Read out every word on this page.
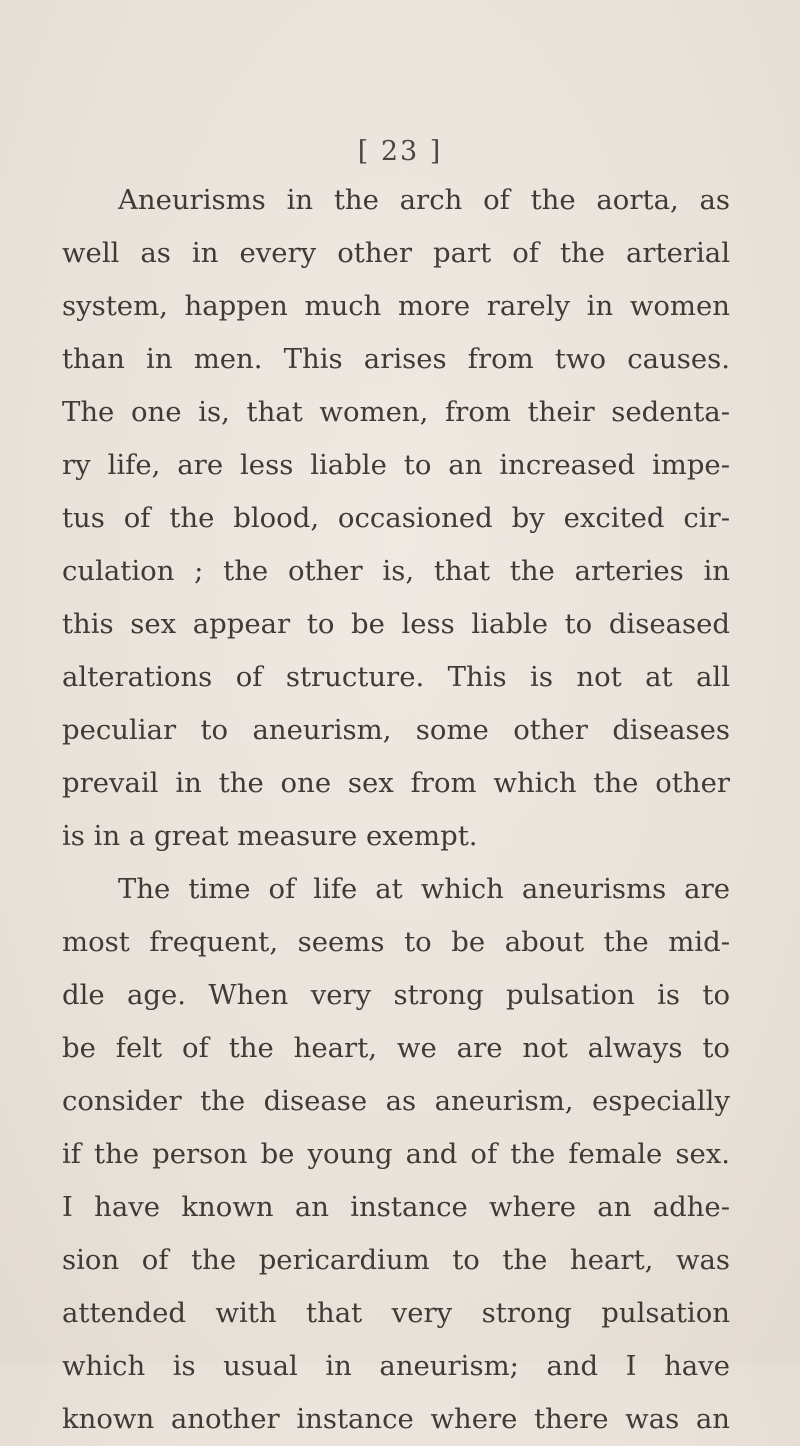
[ 23 ]
Aneurisms in the arch of the aorta, as
well as in every other part of the arterial
system, happen much more rarely in women
than in men. This arises from two causes.
The one is, that women, from their sedenta-
ry life, are less liable to an increased impe-
tus of the blood, occasioned by excited cir-
culation ; the other is, that the arteries in
this sex appear to be less liable to diseased
alterations of structure. This is not at all
peculiar to aneurism, some other diseases
prevail in the one sex from which the other
is in a great measure exempt.
The time of life at which aneurisms are
most frequent, seems to be about the mid-
dle age. When very strong pulsation is to
be felt of the heart, we are not always to
consider the disease as aneurism, especially
if the person be young and of the female sex.
I have known an instance where an adhe-
sion of the pericardium to the heart, was
attended with that very strong pulsation
which is usual in aneurism; and I have
known another instance where there was an
